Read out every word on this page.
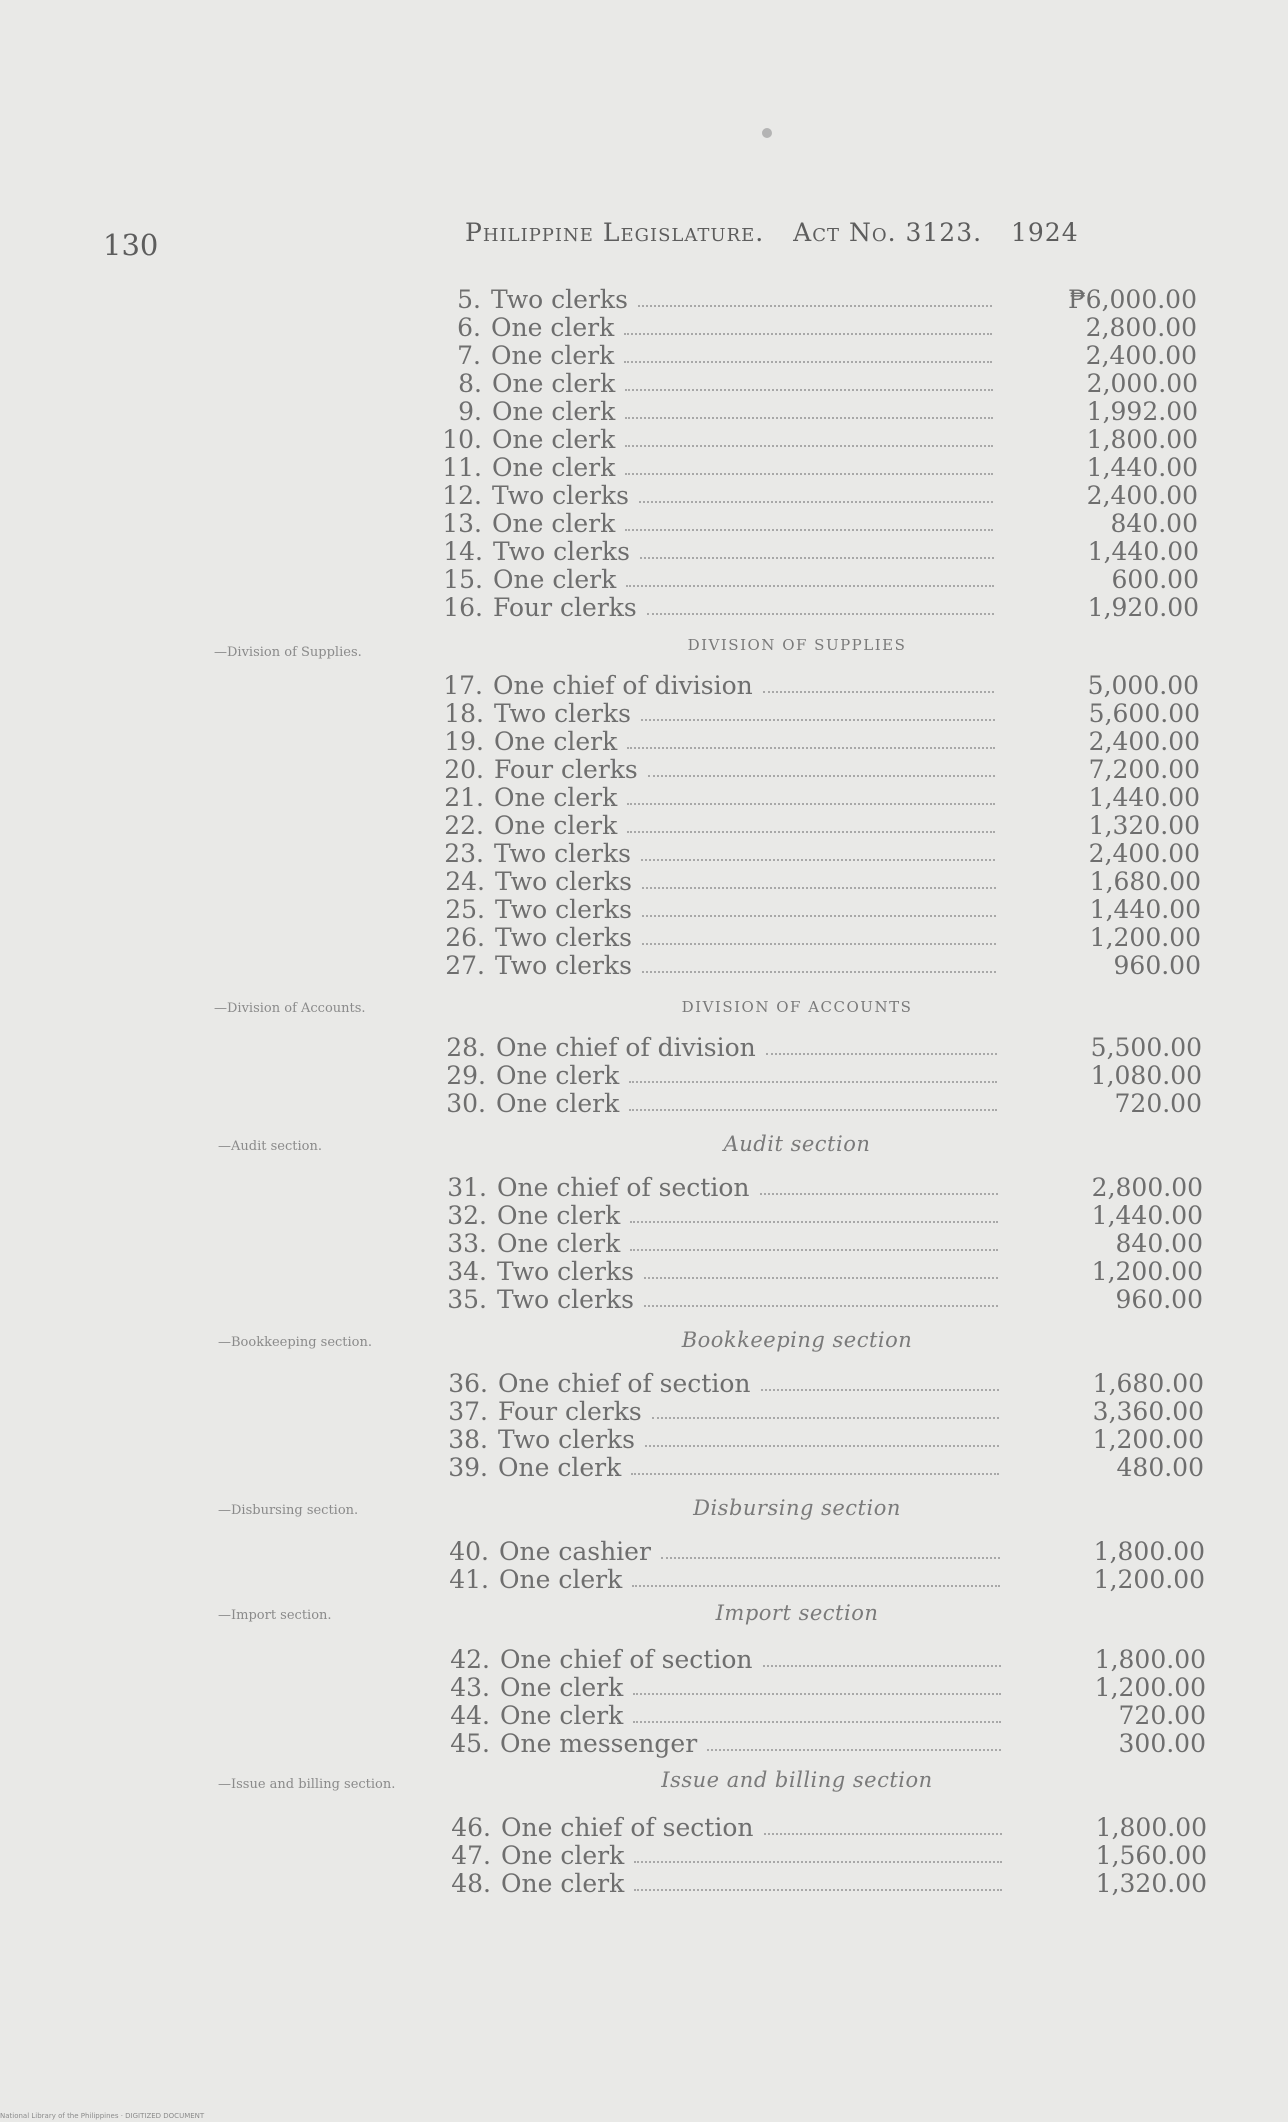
130	Philippine Legislature. Act No. 3123. 1924
DIVISION OF SUPPLIES
DIVISION OF ACCOUNTS
Audit section
Bookkeeping section
Disbursing section
Import section
Issue and billing section
—Division of Supplies.
—Division of Accounts.
—Audit section.
—Bookkeeping section.
—Disbursing section.
—Import section.
—Issue and billing section.
5. Two clerks	₱6,000.00
6. One clerk	2,800.00
7. One clerk	2,400.00
8. One clerk	2,000.00
9. One clerk	1,992.00
10. One clerk	1,800.00
11. One clerk	1,440.00
12. Two clerks	2,400.00
13. One clerk	840.00
14. Two clerks	1,440.00
15. One clerk	600.00
16. Four clerks	1,920.00
17. One chief of division	5,000.00
18. Two clerks	5,600.00
19. One clerk	2,400.00
20. Four clerks	7,200.00
21. One clerk	1,440.00
22. One clerk	1,320.00
23. Two clerks	2,400.00
24. Two clerks	1,680.00
25. Two clerks	1,440.00
26. Two clerks	1,200.00
27. Two clerks	960.00
28. One chief of division	5,500.00
29. One clerk	1,080.00
30. One clerk	720.00
31. One chief of section	2,800.00
32. One clerk	1,440.00
33. One clerk	840.00
34. Two clerks	1,200.00
35. Two clerks	960.00
36. One chief of section	1,680.00
37. Four clerks	3,360.00
38. Two clerks	1,200.00
39. One clerk	480.00
40. One cashier	1,800.00
41. One clerk	1,200.00
42. One chief of section	1,800.00
43. One clerk	1,200.00
44. One clerk	720.00
45. One messenger	300.00
46. One chief of section	1,800.00
47. One clerk	1,560.00
48. One clerk	1,320.00
National Library of the Philippines · DIGITIZED DOCUMENT
